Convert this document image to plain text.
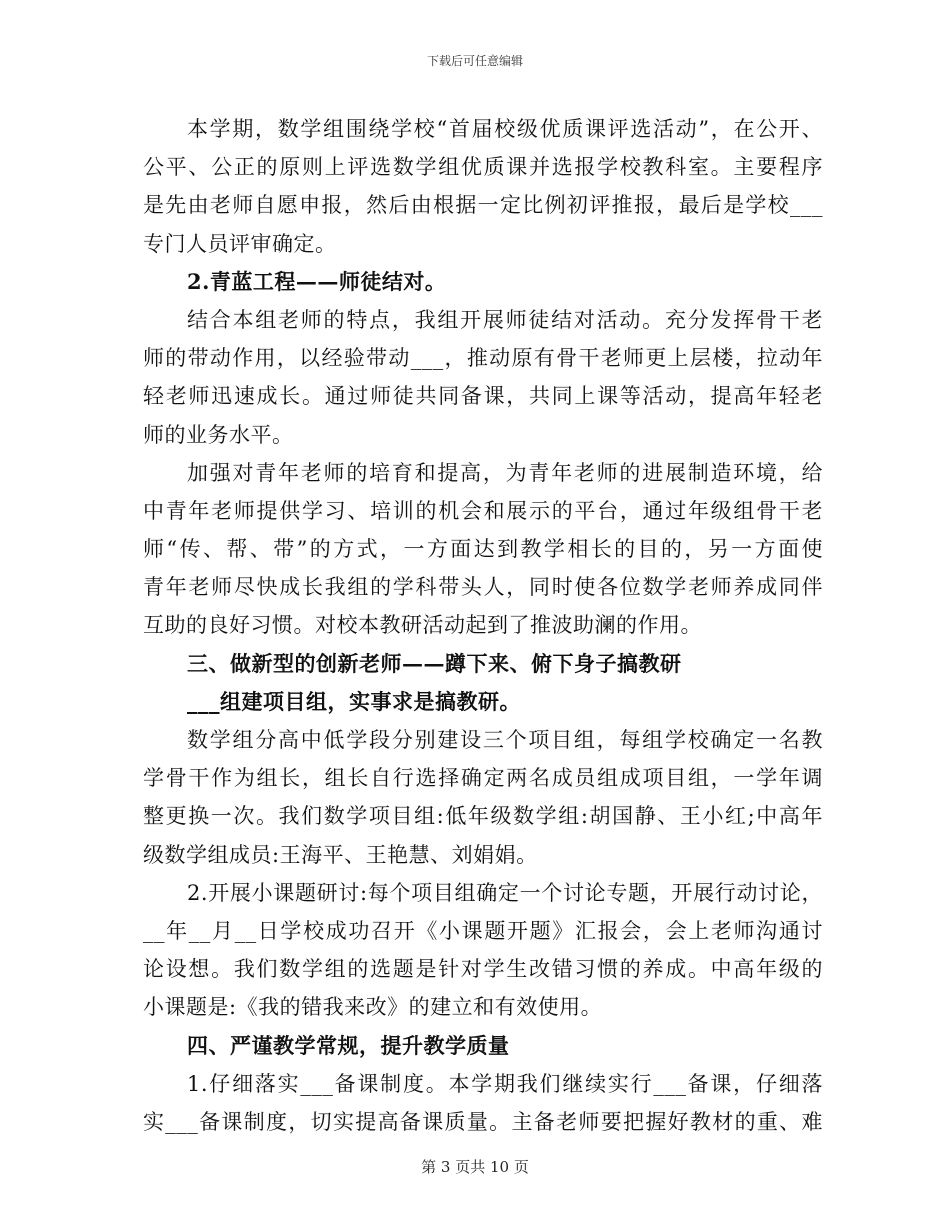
下载后可任意编辑
本学期，数学组围绕学校“首届校级优质课评选活动”，在公开、
公平、公正的原则上评选数学组优质课并选报学校教科室。主要程序
是先由老师自愿申报，然后由根据一定比例初评推报，最后是学校___
专门人员评审确定。
2.青蓝工程——师徒结对。
结合本组老师的特点，我组开展师徒结对活动。充分发挥骨干老
师的带动作用，以经验带动___，推动原有骨干老师更上层楼，拉动年
轻老师迅速成长。通过师徒共同备课，共同上课等活动，提高年轻老
师的业务水平。
加强对青年老师的培育和提高，为青年老师的进展制造环境，给
中青年老师提供学习、培训的机会和展示的平台，通过年级组骨干老
师“传、帮、带”的方式，一方面达到教学相长的目的，另一方面使
青年老师尽快成长我组的学科带头人，同时使各位数学老师养成同伴
互助的良好习惯。对校本教研活动起到了推波助澜的作用。
三、做新型的创新老师——蹲下来、俯下身子搞教研
___组建项目组，实事求是搞教研。
数学组分高中低学段分别建设三个项目组，每组学校确定一名教
学骨干作为组长，组长自行选择确定两名成员组成项目组，一学年调
整更换一次。我们数学项目组:低年级数学组:胡国静、王小红;中高年
级数学组成员:王海平、王艳慧、刘娟娟。
2.开展小课题研讨:每个项目组确定一个讨论专题，开展行动讨论，
__年__月__日学校成功召开《小课题开题》汇报会，会上老师沟通讨
论设想。我们数学组的选题是针对学生改错习惯的养成。中高年级的
小课题是:《我的错我来改》的建立和有效使用。
四、严谨教学常规，提升教学质量
1.仔细落实___备课制度。本学期我们继续实行___备课，仔细落
实___备课制度，切实提高备课质量。主备老师要把握好教材的重、难
第 3 页共 10 页
